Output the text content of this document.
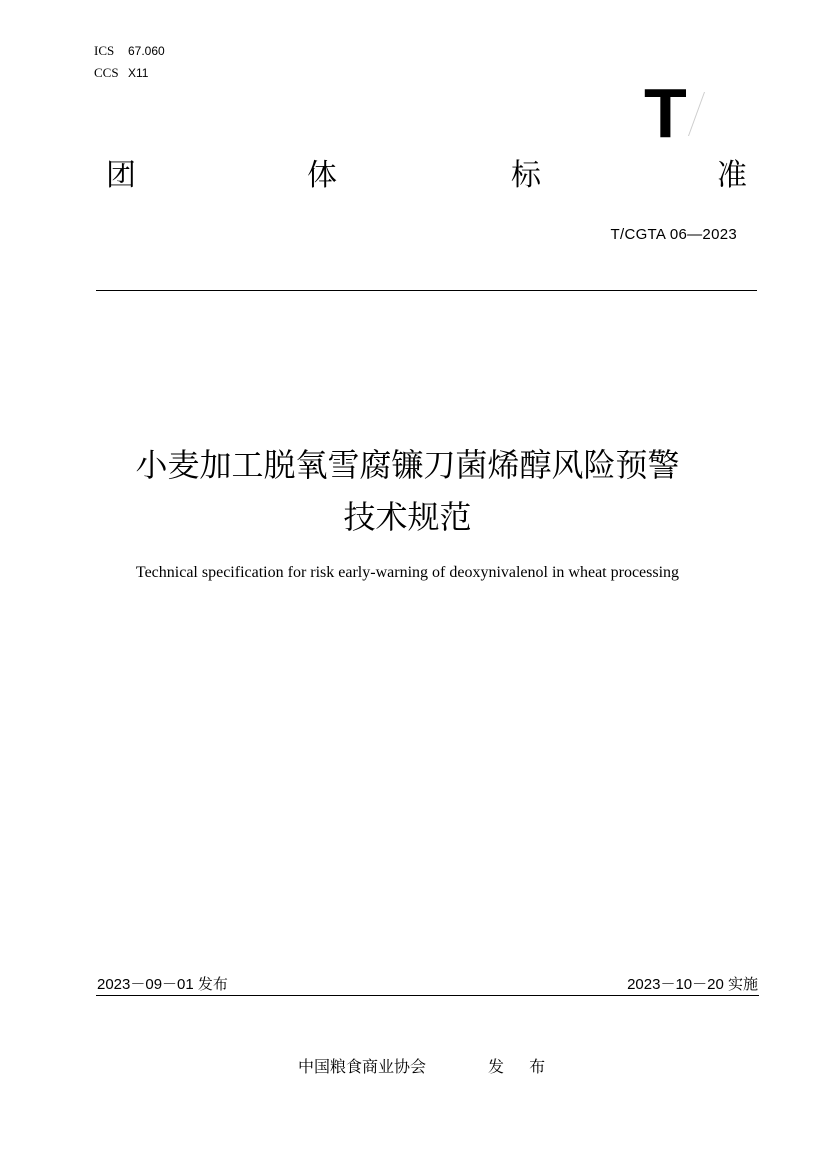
ICS 67.060
CCS X11
T
团	体	标	准
T/CGTA 06—2023
小麦加工脱氧雪腐镰刀菌烯醇风险预警
技术规范
Technical specification for risk early-warning of deoxynivalenol in wheat processing
2023－09－01 发布	2023－10－20 实施
中国粮食商业协会	发 布
